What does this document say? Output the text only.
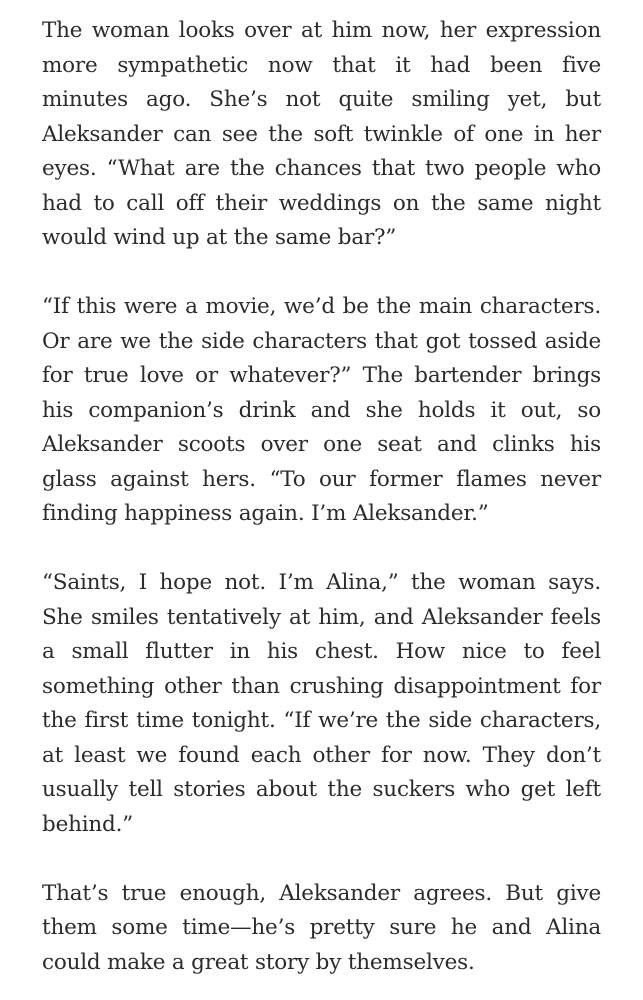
The woman looks over at him now, her expression more sympathetic now that it had been five minutes ago. She’s not quite smiling yet, but Aleksander can see the soft twinkle of one in her eyes. “What are the chances that two people who had to call off their weddings on the same night would wind up at the same bar?”

“If this were a movie, we’d be the main characters. Or are we the side characters that got tossed aside for true love or whatever?” The bartender brings his companion’s drink and she holds it out, so Aleksander scoots over one seat and clinks his glass against hers. “To our former flames never finding happiness again. I’m Aleksander.”

“Saints, I hope not. I’m Alina,” the woman says. She smiles tentatively at him, and Aleksander feels a small flutter in his chest. How nice to feel something other than crushing disappointment for the first time tonight. “If we’re the side characters, at least we found each other for now. They don’t usually tell stories about the suckers who get left behind.”

That’s true enough, Aleksander agrees. But give them some time—he’s pretty sure he and Alina could make a great story by themselves.
